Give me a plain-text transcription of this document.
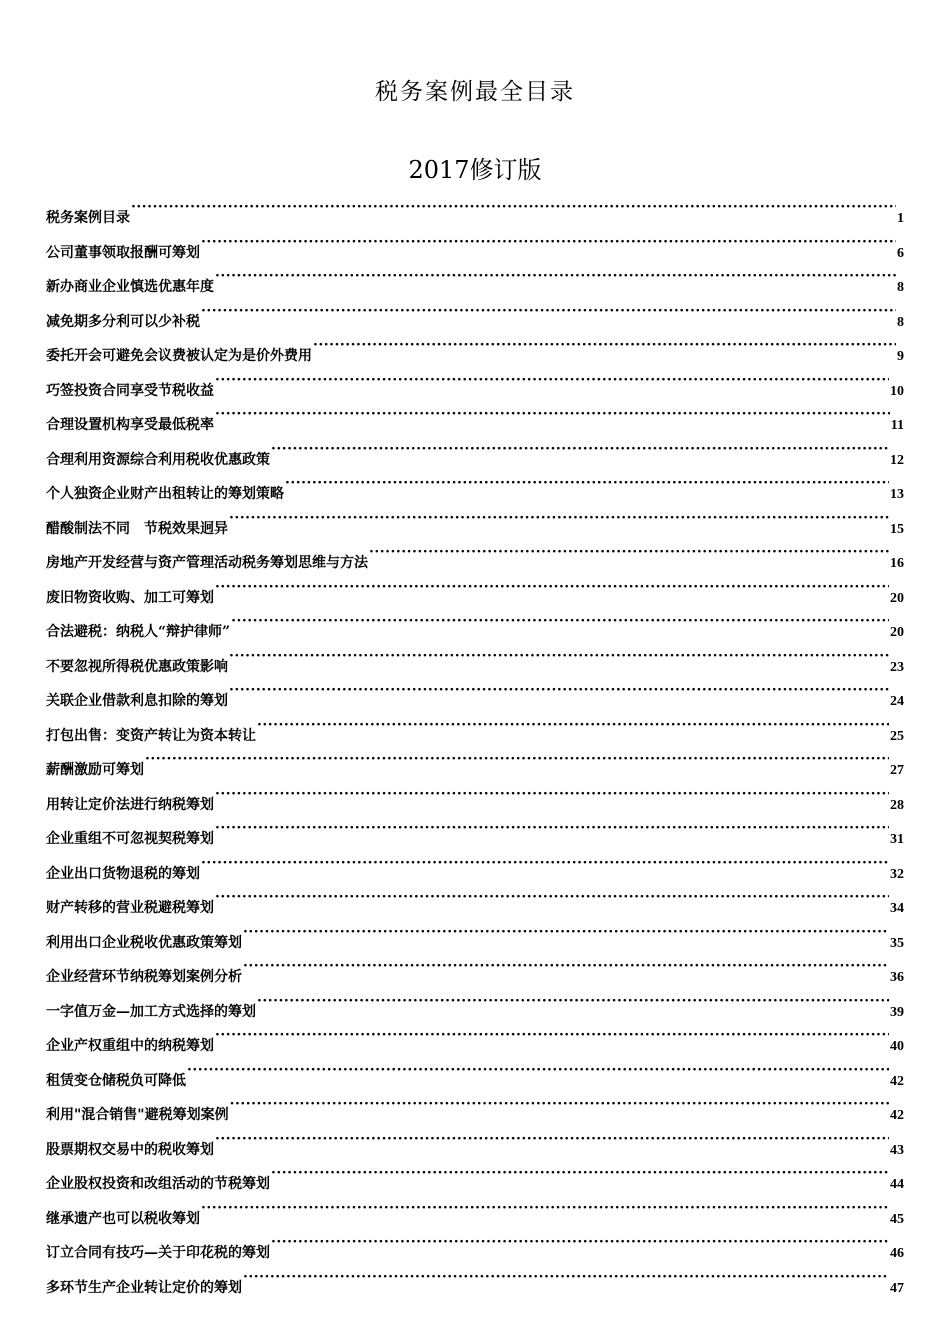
税务案例最全目录
2017修订版
税务案例目录 ·····	1
公司董事领取报酬可筹划 ·····	6
新办商业企业慎选优惠年度 ·····	8
减免期多分利可以少补税 ·····	8
委托开会可避免会议费被认定为是价外费用 ·····	9
巧签投资合同享受节税收益 ·····	10
合理设置机构享受最低税率 ·····	11
合理利用资源综合利用税收优惠政策 ·····	12
个人独资企业财产出租转让的筹划策略 ·····	13
醋酸制法不同　节税效果迥异 ·····	15
房地产开发经营与资产管理活动税务筹划思维与方法 ·····	16
废旧物资收购、加工可筹划 ·····	20
合法避税：纳税人“辩护律师” ·····	20
不要忽视所得税优惠政策影响 ·····	23
关联企业借款利息扣除的筹划 ·····	24
打包出售：变资产转让为资本转让 ·····	25
薪酬激励可筹划 ·····	27
用转让定价法进行纳税筹划 ·····	28
企业重组不可忽视契税筹划 ·····	31
企业出口货物退税的筹划 ·····	32
财产转移的营业税避税筹划 ·····	34
利用出口企业税收优惠政策筹划 ·····	35
企业经营环节纳税筹划案例分析 ·····	36
一字值万金—加工方式选择的筹划 ·····	39
企业产权重组中的纳税筹划 ·····	40
租赁变仓储税负可降低 ·····	42
利用"混合销售"避税筹划案例 ·····	42
股票期权交易中的税收筹划 ·····	43
企业股权投资和改组活动的节税筹划 ·····	44
继承遗产也可以税收筹划 ·····	45
订立合同有技巧—关于印花税的筹划 ·····	46
多环节生产企业转让定价的筹划 ·····	47
